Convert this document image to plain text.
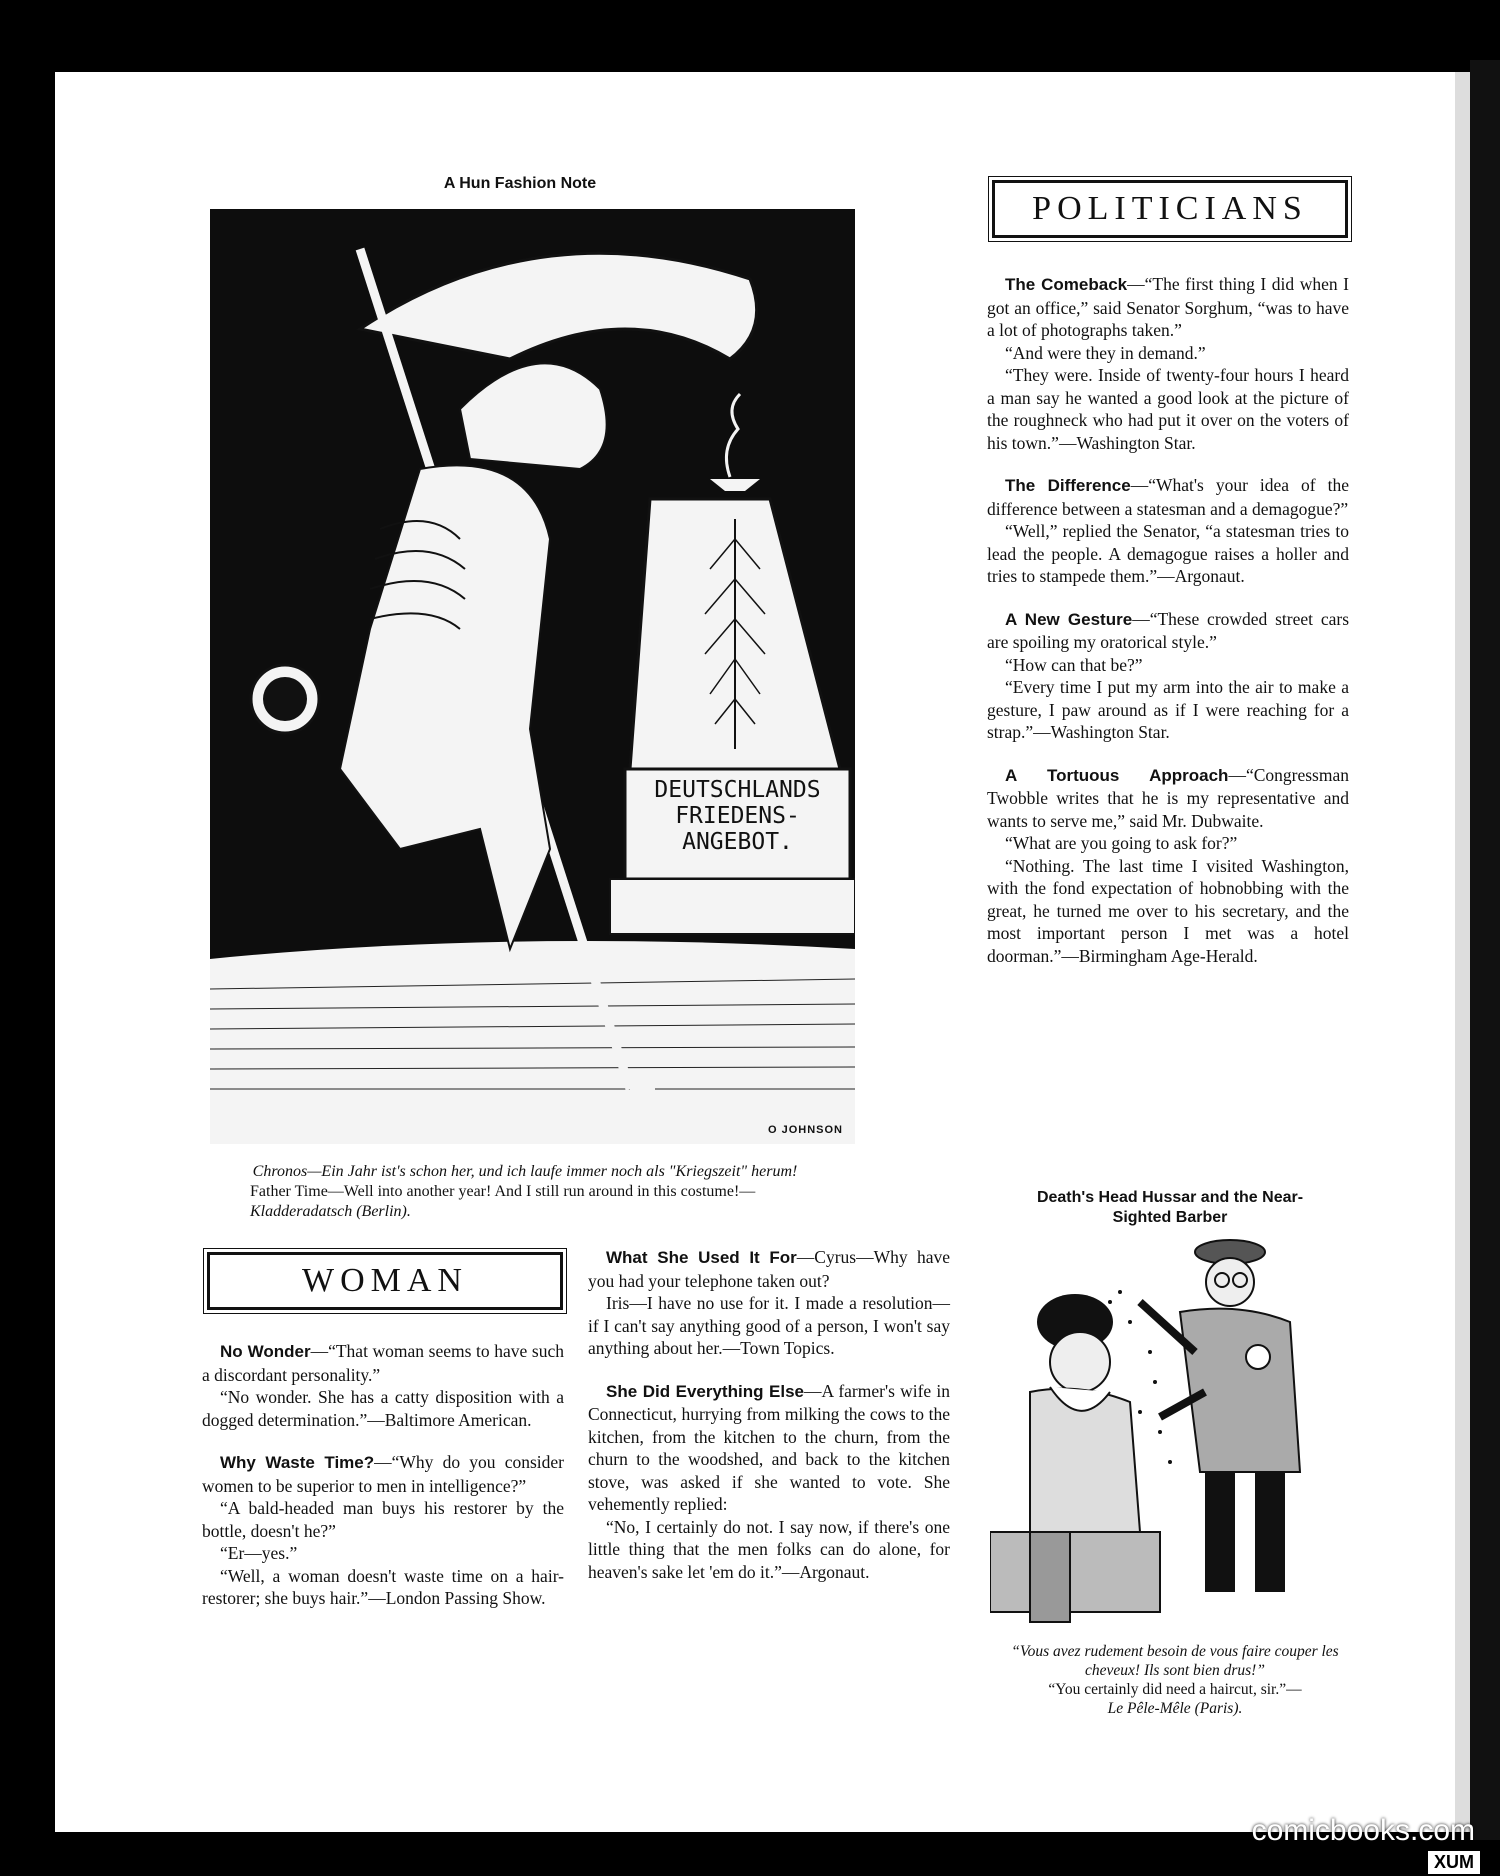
A Hun Fashion Note
DEUTSCHLANDS
FRIEDENS-
ANGEBOT.
O JOHNSON
Chronos—Ein Jahr ist's schon her, und ich laufe immer noch als "Kriegszeit" herum!
Father Time—Well into another year! And I still run around in this costume!—
Kladderadatsch (Berlin).
POLITICIANS

The Comeback—“The first thing I did when I got an office,” said Senator Sorghum, “was to have a lot of photographs taken.”

“And were they in demand.”

“They were. Inside of twenty-four hours I heard a man say he wanted a good look at the picture of the roughneck who had put it over on the voters of his town.”—Washington Star.

The Difference—“What's your idea of the difference between a statesman and a demagogue?”

“Well,” replied the Senator, “a statesman tries to lead the people. A demagogue raises a holler and tries to stampede them.”—Argonaut.

A New Gesture—“These crowded street cars are spoiling my oratorical style.”

“How can that be?”

“Every time I put my arm into the air to make a gesture, I paw around as if I were reaching for a strap.”—Washington Star.

A Tortuous Approach—“Congressman Twobble writes that he is my representative and wants to serve me,” said Mr. Dubwaite.

“What are you going to ask for?”

“Nothing. The last time I visited Washington, with the fond expectation of hobnobbing with the great, he turned me over to his secretary, and the most important person I met was a hotel doorman.”—Birmingham Age-Herald.

WOMAN

No Wonder—“That woman seems to have such a discordant personality.”

“No wonder. She has a catty disposition with a dogged determination.”—Baltimore American.

Why Waste Time?—“Why do you consider women to be superior to men in intelligence?”

“A bald-headed man buys his restorer by the bottle, doesn't he?”

“Er—yes.”

“Well, a woman doesn't waste time on a hair-restorer; she buys hair.”—London Passing Show.

What She Used It For—Cyrus—Why have you had your telephone taken out?

Iris—I have no use for it. I made a resolution—if I can't say anything good of a person, I won't say anything about her.—Town Topics.

She Did Everything Else—A farmer's wife in Connecticut, hurrying from milking the cows to the kitchen, from the kitchen to the churn, from the churn to the woodshed, and back to the kitchen stove, was asked if she wanted to vote. She vehemently replied:

“No, I certainly do not. I say now, if there's one little thing that the men folks can do alone, for heaven's sake let 'em do it.”—Argonaut.

Death's Head Hussar and the Near-
Sighted Barber
“Vous avez rudement besoin de vous faire couper les cheveux! Ils sont bien drus!”
“You certainly did need a haircut, sir.”—
Le Pêle-Mêle (Paris).
comicbooks.com
XUM
